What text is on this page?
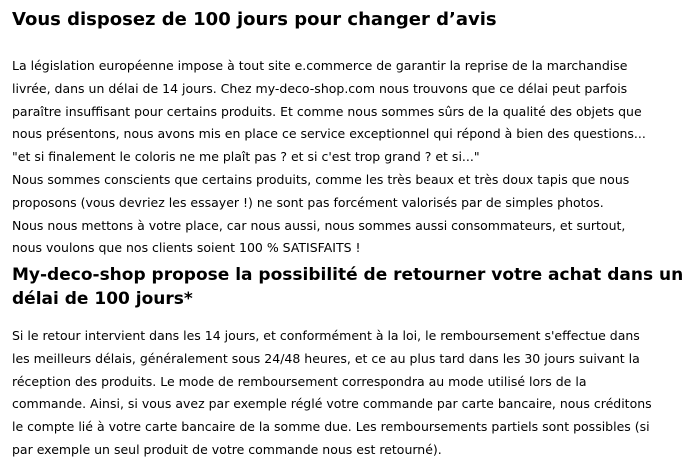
Vous disposez de 100 jours pour changer d’avis

La législation européenne impose à tout site e.commerce de garantir la reprise de la marchandise
livrée, dans un délai de 14 jours. Chez my-deco-shop.com nous trouvons que ce délai peut parfois
paraître insuffisant pour certains produits. Et comme nous sommes sûrs de la qualité des objets que
nous présentons, nous avons mis en place ce service exceptionnel qui répond à bien des questions...
"et si finalement le coloris ne me plaît pas ? et si c'est trop grand ? et si..."
Nous sommes conscients que certains produits, comme les très beaux et très doux tapis que nous
proposons (vous devriez les essayer !) ne sont pas forcément valorisés par de simples photos.
Nous nous mettons à votre place, car nous aussi, nous sommes aussi consommateurs, et surtout,
nous voulons que nos clients soient 100 % SATISFAITS !

My-deco-shop propose la possibilité de retourner votre achat dans un
délai de 100 jours*

Si le retour intervient dans les 14 jours, et conformément à la loi, le remboursement s'effectue dans
les meilleurs délais, généralement sous 24/48 heures, et ce au plus tard dans les 30 jours suivant la
réception des produits. Le mode de remboursement correspondra au mode utilisé lors de la
commande. Ainsi, si vous avez par exemple réglé votre commande par carte bancaire, nous créditons
le compte lié à votre carte bancaire de la somme due. Les remboursements partiels sont possibles (si
par exemple un seul produit de votre commande nous est retourné).
